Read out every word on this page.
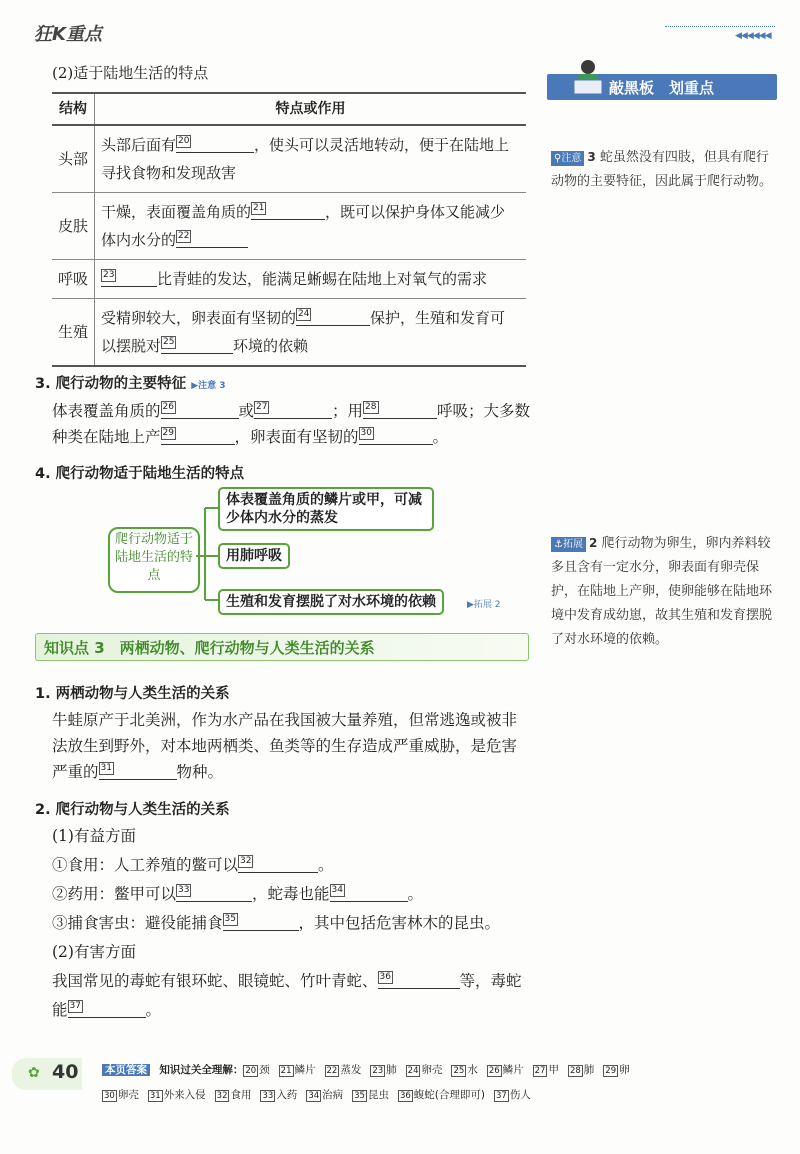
狂K重点	◀◀◀◀◀◀
(2)适于陆地生活的特点
结构	特点或作用
头部	头部后面有 20 ，使头可以灵活地转动，便于在陆地上寻找食物和发现敌害
皮肤	干燥，表面覆盖角质的 21 ，既可以保护身体又能减少体内水分的 22

呼吸	23 比青蛙的发达，能满足蜥蜴在陆地上对氧气的需求
生殖	受精卵较大，卵表面有坚韧的 24 保护，生殖和发育可以摆脱对 25 环境的依赖
3. 爬行动物的主要特征 ▶注意 3
体表覆盖角质的 26	或 27	；用 28	呼吸；大多数
种类在陆地上产 29	，卵表面有坚韧的 30	。
4. 爬行动物适于陆地生活的特点
爬行动物适于陆地生活的特点
体表覆盖角质的鳞片或甲，可减少体内水分的蒸发
用肺呼吸
生殖和发育摆脱了对水环境的依赖	▶拓展 2
知识点 3　两栖动物、爬行动物与人类生活的关系
1. 两栖动物与人类生活的关系
牛蛙原产于北美洲，作为水产品在我国被大量养殖，但常逃逸或被非
法放生到野外，对本地两栖类、鱼类等的生存造成严重威胁，是危害
严重的 31	物种。
2. 爬行动物与人类生活的关系
(1)有益方面
①食用：人工养殖的鳖可以 32	。
②药用：鳖甲可以 33	，蛇毒也能 34	。
③捕食害虫：避役能捕食 35	，其中包括危害林木的昆虫。
(2)有害方面
我国常见的毒蛇有银环蛇、眼镜蛇、竹叶青蛇、 36	等，毒蛇
能 37	。
敲黑板　划重点
⚲注意 3 蛇虽然没有四肢，但具有爬行动物的主要特征，因此属于爬行动物。
⚓拓展 2 爬行动物为卵生，卵内养料较多且含有一定水分，卵表面有卵壳保护，在陆地上产卵，使卵能够在陆地环境中发育成幼崽，故其生殖和发育摆脱了对水环境的依赖。
✿ 40	本页答案 知识过关全理解： 20 颈 21 鳞片 22 蒸发 23 肺 24 卵壳 25 水 26 鳞片 27 甲 28 肺 29 卵
30 卵壳 31 外来入侵 32 食用 33 入药 34 治病 35 昆虫 36 蝮蛇(合理即可) 37 伤人
